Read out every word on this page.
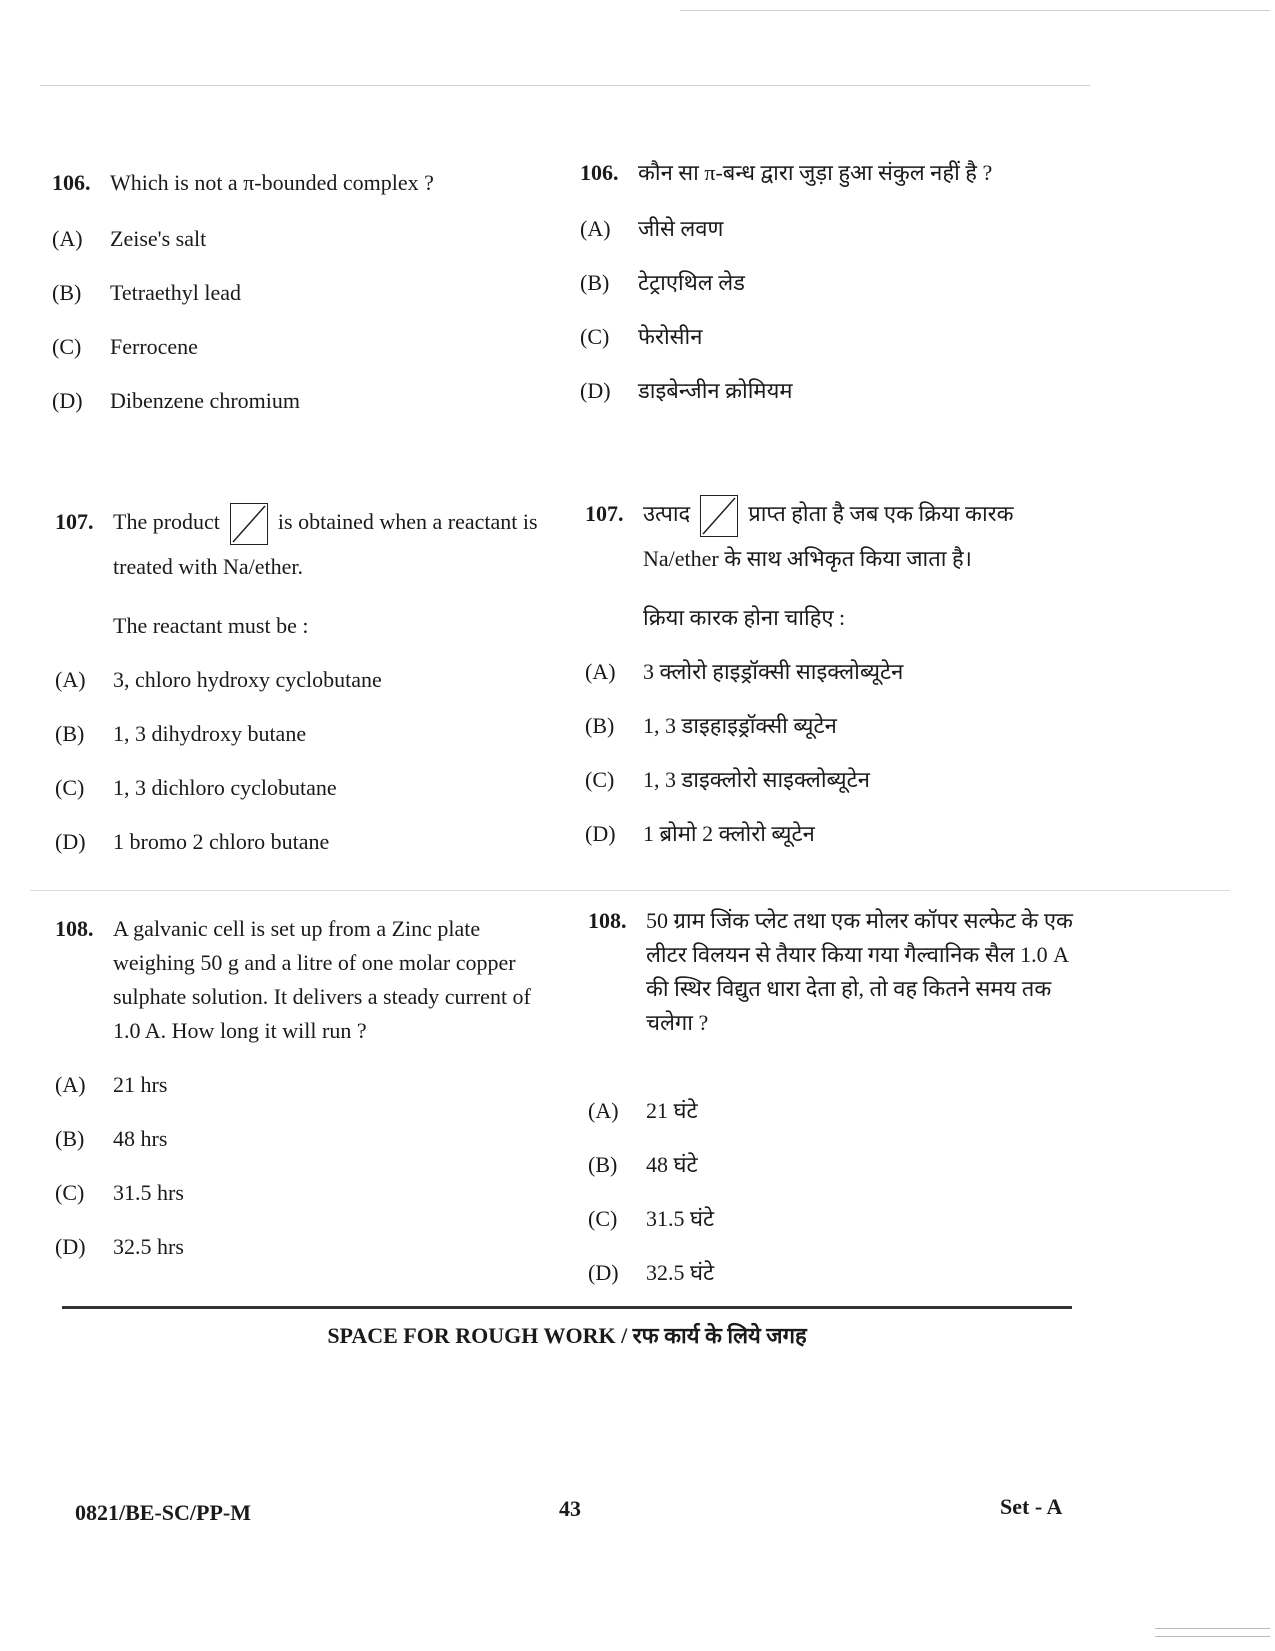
106. Which is not a π-bounded complex ?
(A) Zeise's salt
(B) Tetraethyl lead
(C) Ferrocene
(D) Dibenzene chromium
106. कौन सा π-बन्ध द्वारा जुड़ा हुआ संकुल नहीं है ?
(A) जीसे लवण
(B) टेट्राएथिल लेड
(C) फेरोसीन
(D) डाइबेन्जीन क्रोमियम
107. The product	is obtained when a reactant is treated with Na/ether.
The reactant must be :
(A) 3, chloro hydroxy cyclobutane
(B) 1, 3 dihydroxy butane
(C) 1, 3 dichloro cyclobutane
(D) 1 bromo 2 chloro butane
107. उत्पाद	प्राप्त होता है जब एक क्रिया कारक Na/ether के साथ अभिकृत किया जाता है।
क्रिया कारक होना चाहिए :
(A) 3 क्लोरो हाइड्रॉक्सी साइक्लोब्यूटेन
(B) 1, 3 डाइहाइड्रॉक्सी ब्यूटेन
(C) 1, 3 डाइक्लोरो साइक्लोब्यूटेन
(D) 1 ब्रोमो 2 क्लोरो ब्यूटेन
108. A galvanic cell is set up from a Zinc plate weighing 50 g and a litre of one molar copper sulphate solution. It delivers a steady current of 1.0 A. How long it will run ?
(A) 21 hrs
(B) 48 hrs
(C) 31.5 hrs
(D) 32.5 hrs
108. 50 ग्राम जिंक प्लेट तथा एक मोलर कॉपर सल्फेट के एक लीटर विलयन से तैयार किया गया गैल्वानिक सैल 1.0 A की स्थिर विद्युत धारा देता हो, तो वह कितने समय तक चलेगा ?
(A) 21 घंटे
(B) 48 घंटे
(C) 31.5 घंटे
(D) 32.5 घंटे
SPACE FOR ROUGH WORK / रफ कार्य के लिये जगह
0821/BE-SC/PP-M	43	Set - A
